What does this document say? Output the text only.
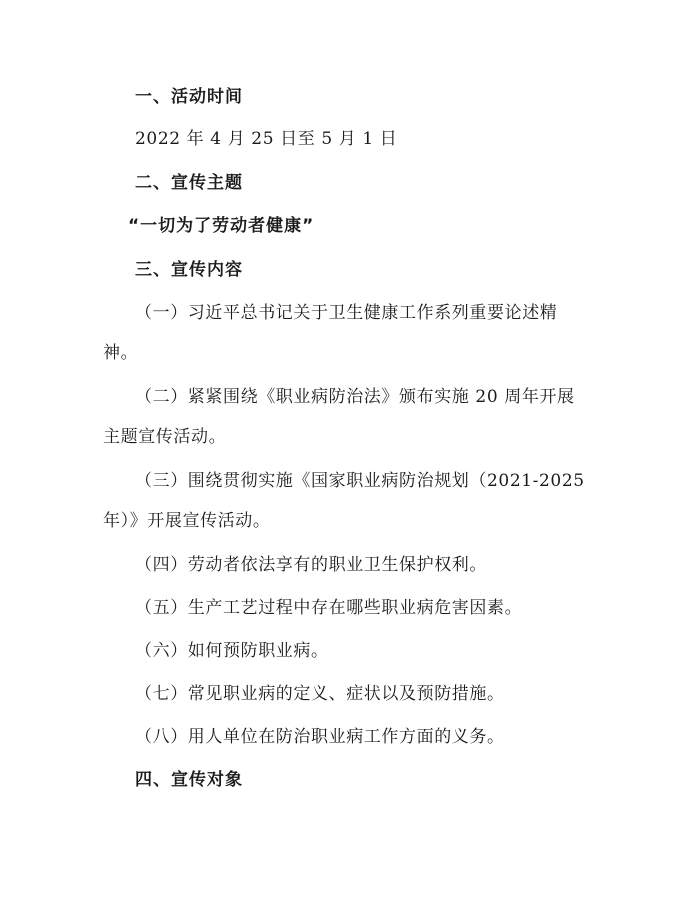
一、活动时间
2022 年 4 月 25 日至 5 月 1 日
二、宣传主题
“一切为了劳动者健康”
三、宣传内容
（一）习近平总书记关于卫生健康工作系列重要论述精
神。
（二）紧紧围绕《职业病防治法》颁布实施 20 周年开展
主题宣传活动。
（三）围绕贯彻实施《国家职业病防治规划（2021-2025
年）》开展宣传活动。
（四）劳动者依法享有的职业卫生保护权利。
（五）生产工艺过程中存在哪些职业病危害因素。
（六）如何预防职业病。
（七）常见职业病的定义、症状以及预防措施。
（八）用人单位在防治职业病工作方面的义务。
四、宣传对象
